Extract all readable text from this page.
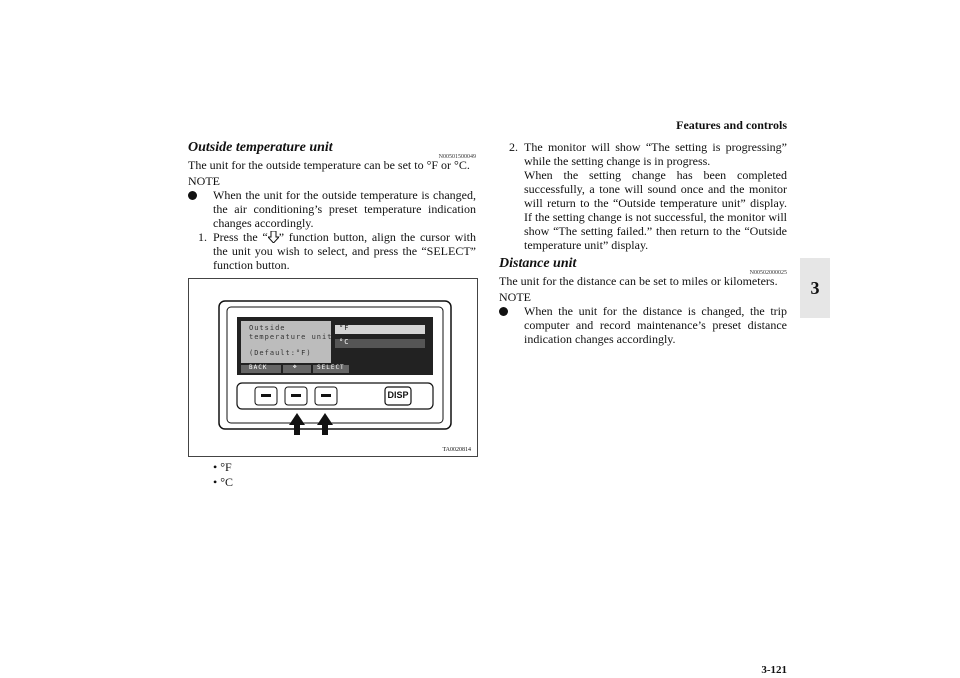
Features and controls
3
3-121
Outside temperature unit
N00501500049
The unit for the outside temperature can be set to °F or °C.
NOTE
When the unit for the outside temperature is changed, the air conditioning’s preset temperature indication changes accordingly.
1. Press the “ ” function button, align the cursor with the unit you wish to select, and press the “SELECT” function button.
Outside
temperature unit
(Default:°F)
°F
°C
BACK	✥	SELECT
DISP
TA0020814
• °F
• °C
2. The monitor will show “The setting is progressing” while the setting change is in progress.
When the setting change has been completed successfully, a tone will sound once and the monitor will return to the “Outside temperature unit” display. If the setting change is not successful, the monitor will show “The setting failed.” then return to the “Outside temperature unit” display.
Distance unit
N00502000025
The unit for the distance can be set to miles or kilometers.
NOTE
When the unit for the distance is changed, the trip computer and record maintenance’s preset distance indication changes accordingly.
